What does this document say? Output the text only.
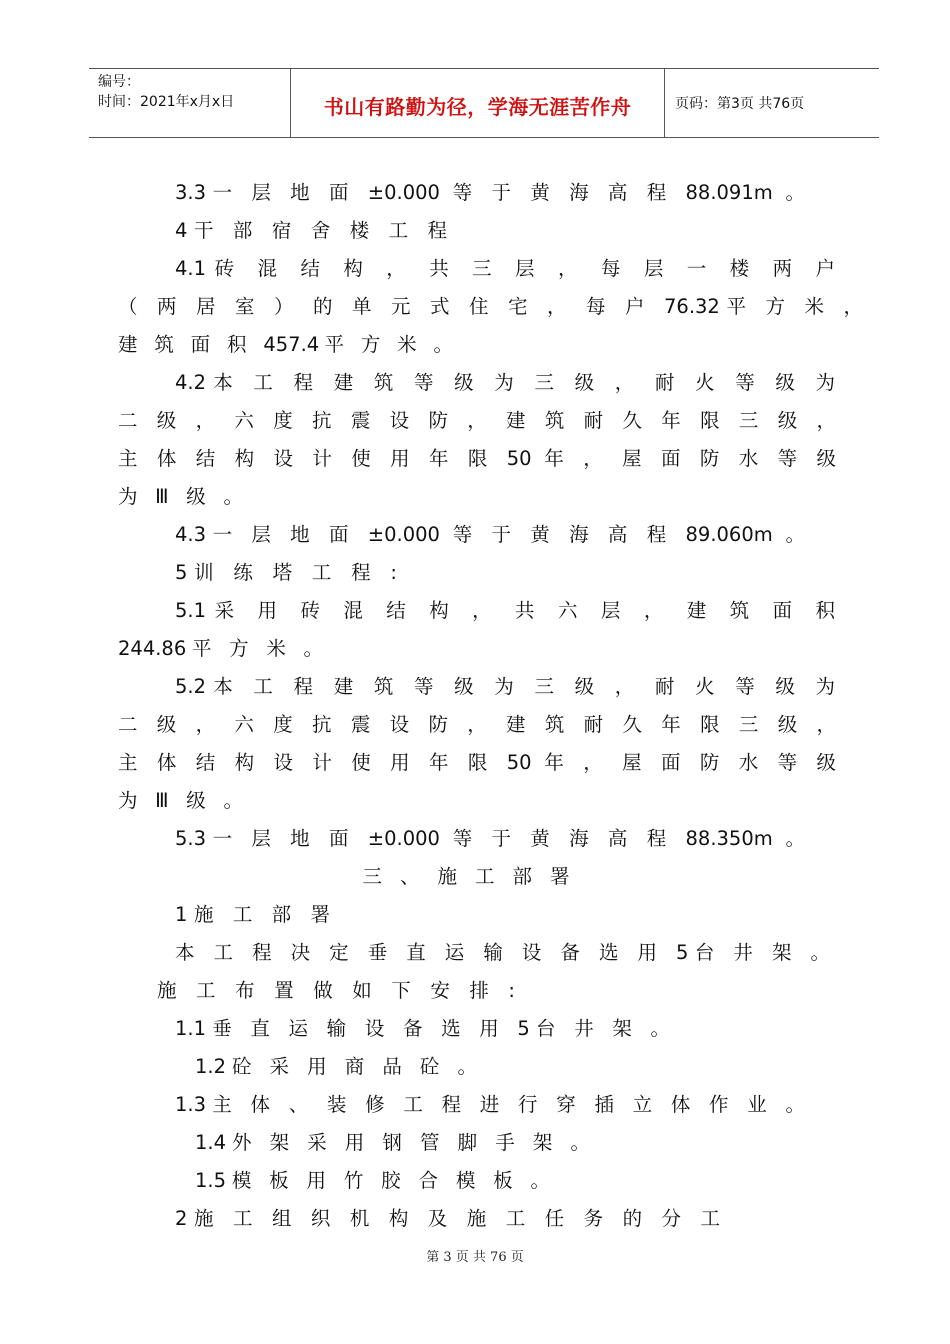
编号：
时间：2021年x月x日	书山有路勤为径，学海无涯苦作舟	页码：第3页 共76页
3.3一 层 地 面 ±0.000 等 于 黄 海 高 程 88.091m 。
4干 部 宿 舍 楼 工 程
4.1砖 混 结 构 ， 共 三 层 ， 每 层 一 楼 两 户
（ 两 居 室 ） 的 单 元 式 住 宅 ， 每 户 76.32平 方 米 ，
建 筑 面 积 457.4平 方 米 。
4.2本 工 程 建 筑 等 级 为 三 级 ， 耐 火 等 级 为
二 级 ， 六 度 抗 震 设 防 ， 建 筑 耐 久 年 限 三 级 ，
主 体 结 构 设 计 使 用 年 限 50 年 ， 屋 面 防 水 等 级
为 Ⅲ 级 。
4.3一 层 地 面 ±0.000 等 于 黄 海 高 程 89.060m 。
5训 练 塔 工 程 :
5.1采 用 砖 混 结 构 ， 共 六 层 ， 建 筑 面 积
244.86平 方 米 。
5.2本 工 程 建 筑 等 级 为 三 级 ， 耐 火 等 级 为
二 级 ， 六 度 抗 震 设 防 ， 建 筑 耐 久 年 限 三 级 ，
主 体 结 构 设 计 使 用 年 限 50 年 ， 屋 面 防 水 等 级
为 Ⅲ 级 。
5.3一 层 地 面 ±0.000 等 于 黄 海 高 程 88.350m 。
三、施工部署
1施 工 部 署
本 工 程 决 定 垂 直 运 输 设 备 选 用 5台 井 架 。
施 工 布 置 做 如 下 安 排 :
1.1垂 直 运 输 设 备 选 用 5台 井 架 。
1.2砼 采 用 商 品 砼 。
1.3主 体 、 装 修 工 程 进 行 穿 插 立 体 作 业 。
1.4外 架 采 用 钢 管 脚 手 架 。
1.5模 板 用 竹 胶 合 模 板 。
2施 工 组 织 机 构 及 施 工 任 务 的 分 工
第 3 页 共 76 页
